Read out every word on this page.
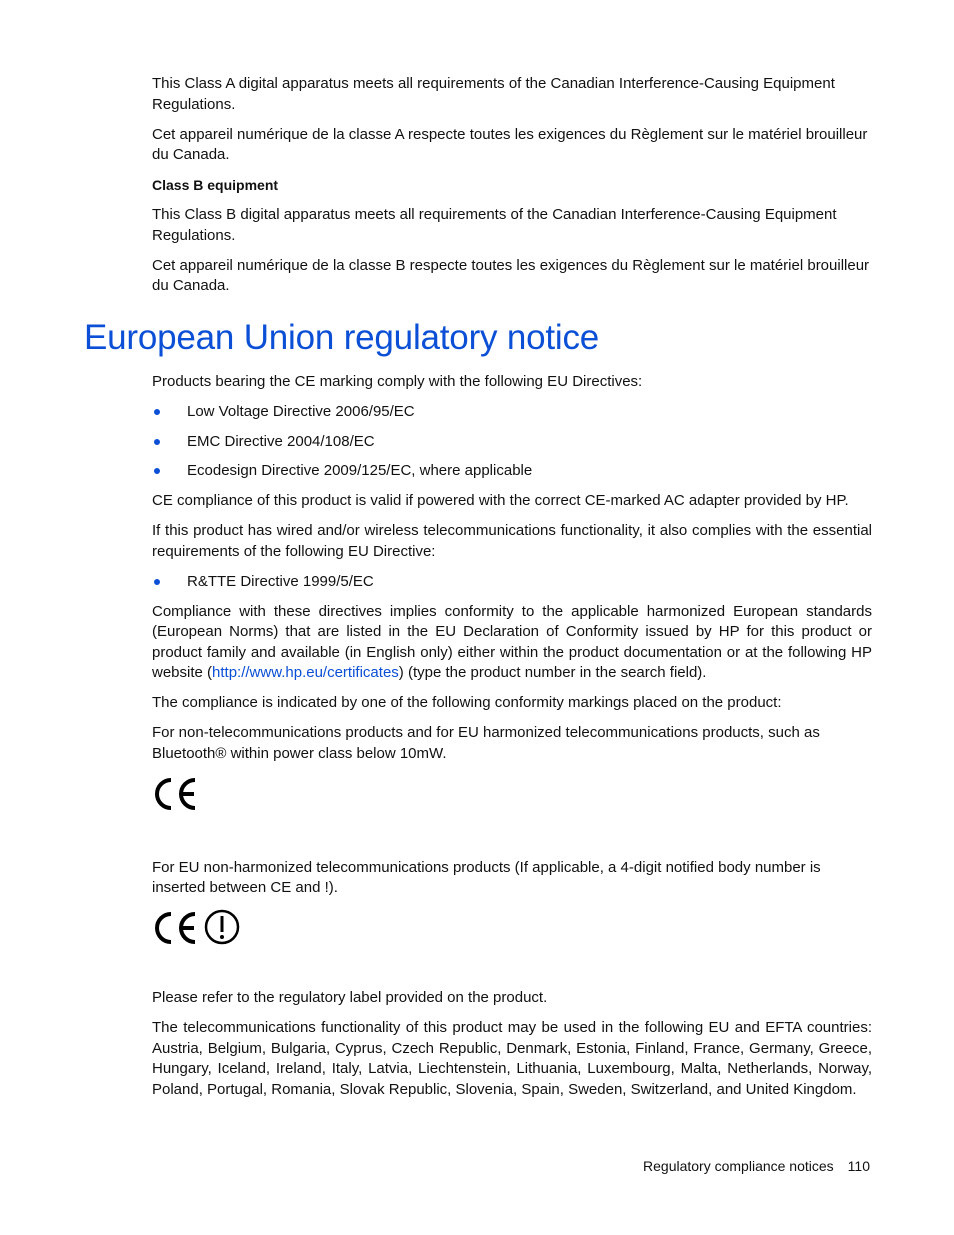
This Class A digital apparatus meets all requirements of the Canadian Interference-Causing Equipment Regulations.

Cet appareil numérique de la classe A respecte toutes les exigences du Règlement sur le matériel brouilleur du Canada.

Class B equipment

This Class B digital apparatus meets all requirements of the Canadian Interference-Causing Equipment Regulations.

Cet appareil numérique de la classe B respecte toutes les exigences du Règlement sur le matériel brouilleur du Canada.

European Union regulatory notice

Products bearing the CE marking comply with the following EU Directives:

Low Voltage Directive 2006/95/EC
EMC Directive 2004/108/EC
Ecodesign Directive 2009/125/EC, where applicable

CE compliance of this product is valid if powered with the correct CE-marked AC adapter provided by HP.

If this product has wired and/or wireless telecommunications functionality, it also complies with the essential requirements of the following EU Directive:

R&TTE Directive 1999/5/EC

Compliance with these directives implies conformity to the applicable harmonized European standards (European Norms) that are listed in the EU Declaration of Conformity issued by HP for this product or product family and available (in English only) either within the product documentation or at the following HP website (http://www.hp.eu/certificates) (type the product number in the search field).

The compliance is indicated by one of the following conformity markings placed on the product:

For non-telecommunications products and for EU harmonized telecommunications products, such as Bluetooth® within power class below 10mW.

For EU non-harmonized telecommunications products (If applicable, a 4-digit notified body number is inserted between CE and !).

Please refer to the regulatory label provided on the product.

The telecommunications functionality of this product may be used in the following EU and EFTA countries: Austria, Belgium, Bulgaria, Cyprus, Czech Republic, Denmark, Estonia, Finland, France, Germany, Greece, Hungary, Iceland, Ireland, Italy, Latvia, Liechtenstein, Lithuania, Luxembourg, Malta, Netherlands, Norway, Poland, Portugal, Romania, Slovak Republic, Slovenia, Spain, Sweden, Switzerland, and United Kingdom.

Regulatory compliance notices 110
